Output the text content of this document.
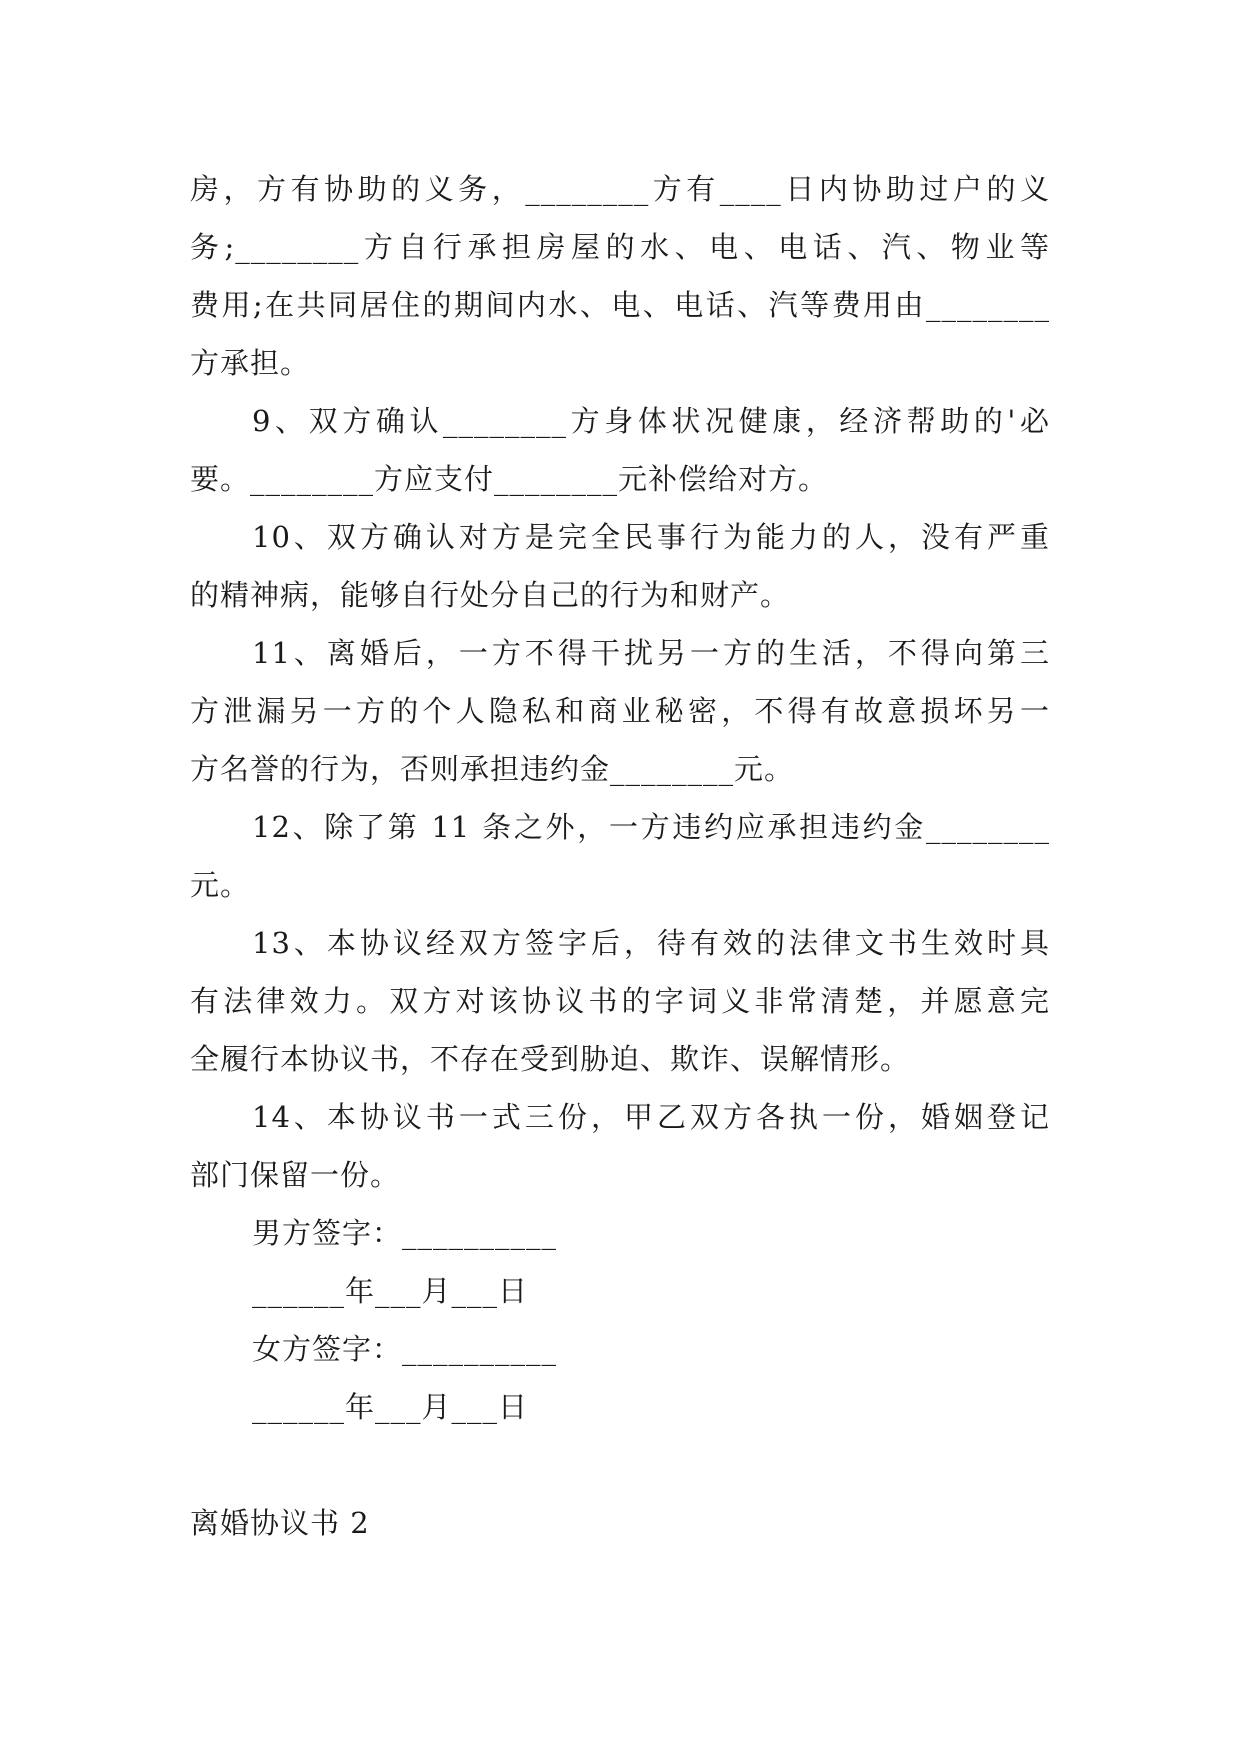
房，方有协助的义务，________方有____日内协助过户的义
务;________方自行承担房屋的水、电、电话、汽、物业等
费用;在共同居住的期间内水、电、电话、汽等费用由________
方承担。
9、双方确认________方身体状况健康，经济帮助的'必
要。________方应支付________元补偿给对方。
10、双方确认对方是完全民事行为能力的人，没有严重
的精神病，能够自行处分自己的行为和财产。
11、离婚后，一方不得干扰另一方的生活，不得向第三
方泄漏另一方的个人隐私和商业秘密，不得有故意损坏另一
方名誉的行为，否则承担违约金________元。
12、除了第 11 条之外，一方违约应承担违约金________
元。
13、本协议经双方签字后，待有效的法律文书生效时具
有法律效力。双方对该协议书的字词义非常清楚，并愿意完
全履行本协议书，不存在受到胁迫、欺诈、误解情形。
14、本协议书一式三份，甲乙双方各执一份，婚姻登记
部门保留一份。
男方签字：__________
______年___月___日
女方签字：__________
______年___月___日
离婚协议书 2
